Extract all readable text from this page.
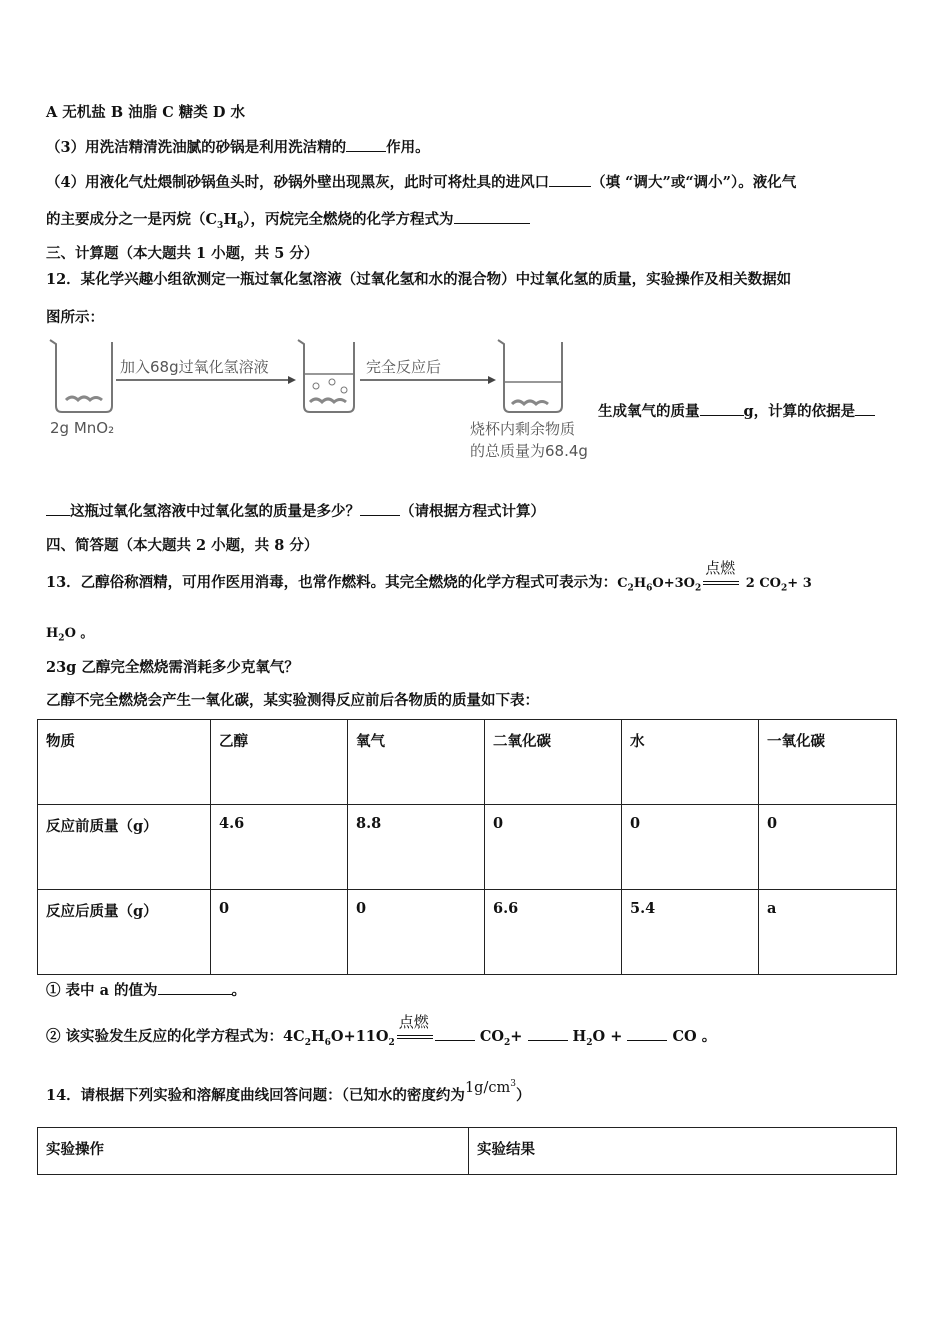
A 无机盐 B 油脂 C 糖类 D 水
（3）用洗洁精清洗油腻的砂锅是利用洗洁精的	作用。
（4）用液化气灶煨制砂锅鱼头时，砂锅外壁出现黑灰，此时可将灶具的进风口	（填 “调大”或“调小”）。液化气
的主要成分之一是丙烷$(C_3H_8)$，丙烷完全燃烧的化学方程式为
三、计算题（本大题共 1 小题，共 5 分）
12．某化学兴趣小组欲测定一瓶过氧化氢溶液（过氧化氢和水的混合物）中过氧化氢的质量，实验操作及相关数据如
图所示：
2g MnO₂
加入68g过氧化氢溶液	完全反应后
烧杯内剩余物质
的总质量为68.4g
生成氧气的质量	g，计算的依据是
这瓶过氧化氢溶液中过氧化氢的质量是多少？	（请根据方程式计算）
四、简答题（本大题共 2 小题，共 8 分）
13．乙醇俗称酒精，可用作医用消毒，也常作燃料。其完全燃烧的化学方程式可表示为：$C_2H_6O+3O_2$
点燃
2 $CO_2+ 3$
$H_2O$ 。
23g 乙醇完全燃烧需消耗多少克氧气？
乙醇不完全燃烧会产生一氧化碳，某实验测得反应前后各物质的质量如下表：
物质	乙醇	氧气	二氧化碳	水	一氧化碳
反应前质量（g）	4.6	8.8	0	0	0
反应后质量（g）	0	0	6.6	5.4	a
① 表中 a 的值为	。
② 该实验发生反应的化学方程式为：$4C_2H_6O+11O_2$
点燃
$CO_2+$	$H_2O$ +	CO 。
14．请根据下列实验和溶解度曲线回答问题：（已知水的密度约为$1g/cm^3$）
实验操作	实验结果
